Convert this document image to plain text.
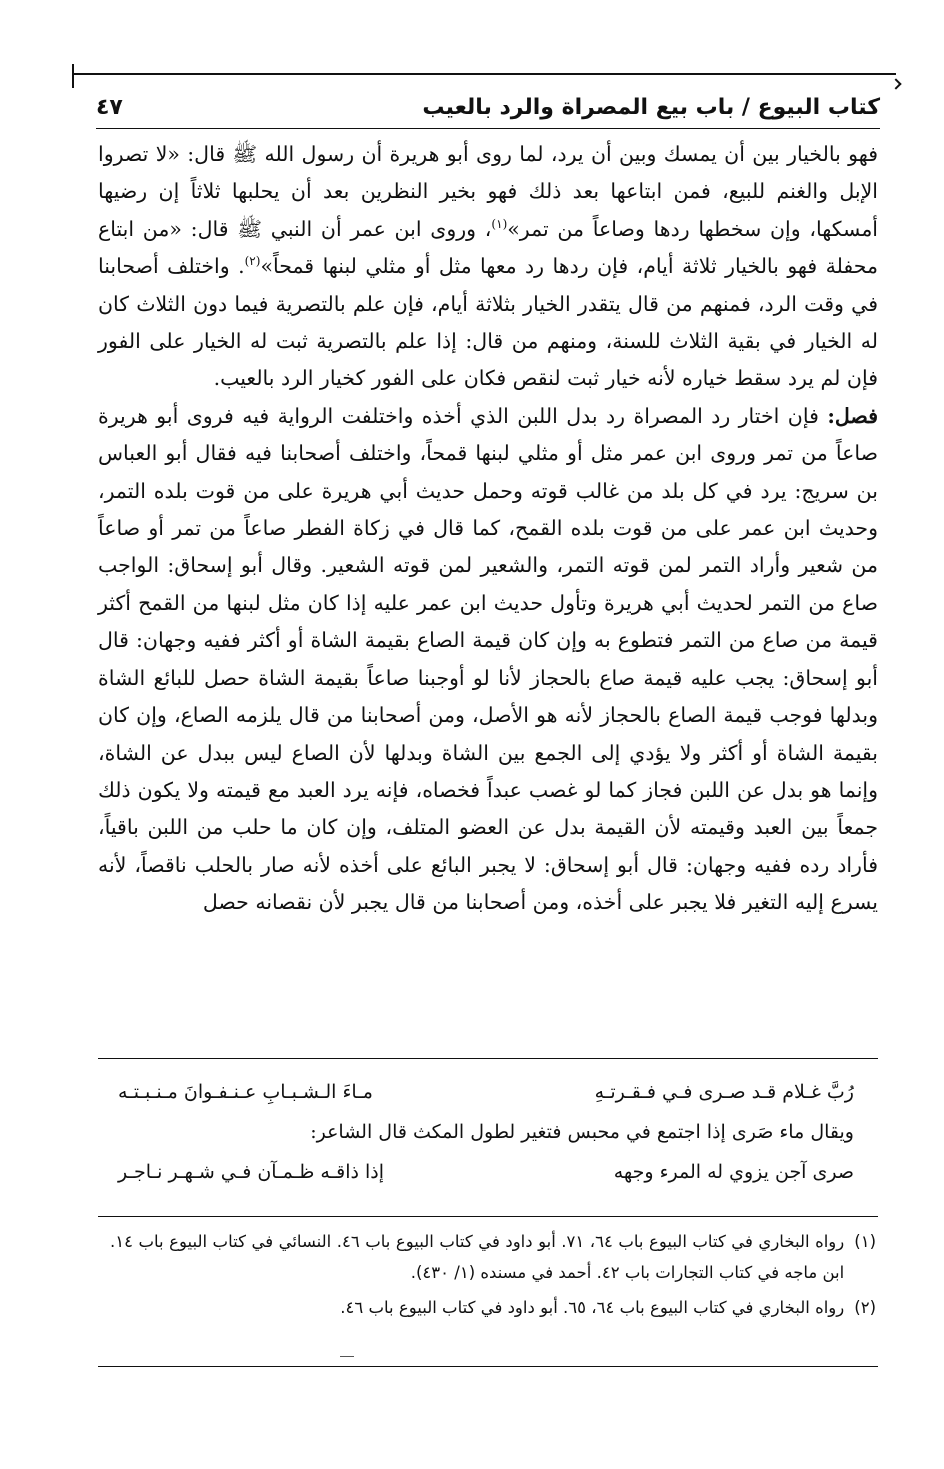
كتاب البيوع / باب بيع المصراة والرد بالعيب
٤٧

فهو بالخيار بين أن يمسك وبين أن يرد، لما روى أبو هريرة أن رسول الله ﷺ قال: «لا تصروا الإبل والغنم للبيع، فمن ابتاعها بعد ذلك فهو بخير النظرين بعد أن يحلبها ثلاثاً إن رضيها أمسكها، وإن سخطها ردها وصاعاً من تمر»$^{(١)}$، وروى ابن عمر أن النبي ﷺ قال: «من ابتاع محفلة فهو بالخيار ثلاثة أيام، فإن ردها رد معها مثل أو مثلي لبنها قمحاً»$^{(٢)}$. واختلف أصحابنا في وقت الرد، فمنهم من قال يتقدر الخيار بثلاثة أيام، فإن علم بالتصرية فيما دون الثلاث كان له الخيار في بقية الثلاث للسنة، ومنهم من قال: إذا علم بالتصرية ثبت له الخيار على الفور فإن لم يرد سقط خياره لأنه خيار ثبت لنقص فكان على الفور كخيار الرد بالعيب.

فصل: فإن اختار رد المصراة رد بدل اللبن الذي أخذه واختلفت الرواية فيه فروى أبو هريرة صاعاً من تمر وروى ابن عمر مثل أو مثلي لبنها قمحاً، واختلف أصحابنا فيه فقال أبو العباس بن سريج: يرد في كل بلد من غالب قوته وحمل حديث أبي هريرة على من قوت بلده التمر، وحديث ابن عمر على من قوت بلده القمح، كما قال في زكاة الفطر صاعاً من تمر أو صاعاً من شعير وأراد التمر لمن قوته التمر، والشعير لمن قوته الشعير. وقال أبو إسحاق: الواجب صاع من التمر لحديث أبي هريرة وتأول حديث ابن عمر عليه إذا كان مثل لبنها من القمح أكثر قيمة من صاع من التمر فتطوع به وإن كان قيمة الصاع بقيمة الشاة أو أكثر ففيه وجهان: قال أبو إسحاق: يجب عليه قيمة صاع بالحجاز لأنا لو أوجبنا صاعاً بقيمة الشاة حصل للبائع الشاة وبدلها فوجب قيمة الصاع بالحجاز لأنه هو الأصل، ومن أصحابنا من قال يلزمه الصاع، وإن كان بقيمة الشاة أو أكثر ولا يؤدي إلى الجمع بين الشاة وبدلها لأن الصاع ليس ببدل عن الشاة، وإنما هو بدل عن اللبن فجاز كما لو غصب عبداً فخصاه، فإنه يرد العبد مع قيمته ولا يكون ذلك جمعاً بين العبد وقيمته لأن القيمة بدل عن العضو المتلف، وإن كان ما حلب من اللبن باقياً، فأراد رده ففيه وجهان: قال أبو إسحاق: لا يجبر البائع على أخذه لأنه صار بالحلب ناقصاً، لأنه يسرع إليه التغير فلا يجبر على أخذه، ومن أصحابنا من قال يجبر لأن نقصانه حصل

رُبَّ غـلام قـد صـرى فـي فـقـرتـهِ
مـاءَ الـشـبـابِ عـنـفـوانَ مـنـبـتـه
ويقال ماء صَرى إذا اجتمع في محبس فتغير لطول المكث قال الشاعر:
صرى آجن يزوي له المرء وجهه
إذا ذاقـه ظـمـآن فـي شـهـر نـاجـر
(١)
رواه البخاري في كتاب البيوع باب ٦٤، ٧١. أبو داود في كتاب البيوع باب ٤٦. النسائي في كتاب البيوع باب ١٤. ابن ماجه في كتاب التجارات باب ٤٢. أحمد في مسنده (١/ ٤٣٠).
(٢)
رواه البخاري في كتاب البيوع باب ٦٤، ٦٥. أبو داود في كتاب البيوع باب ٤٦.
